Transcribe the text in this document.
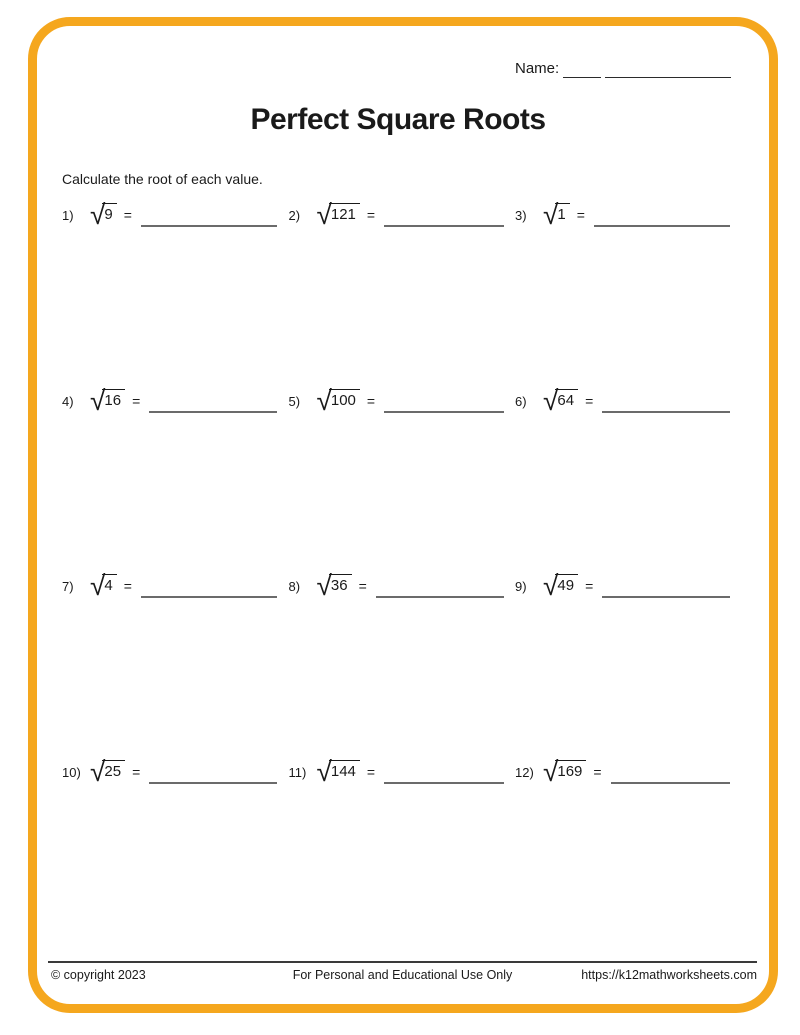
Name:
Perfect Square Roots
Calculate the root of each value.
1) √ 9 =	2) √ 121 =	3) √ 1 =
4) √ 16 =	5) √ 100 =	6) √ 64 =
7) √ 4 =	8) √ 36 =	9) √ 49 =
10) √ 25 =	11) √ 144 =	12) √ 169 =
© copyright 2023	For Personal and Educational Use Only	https://k12mathworksheets.com
